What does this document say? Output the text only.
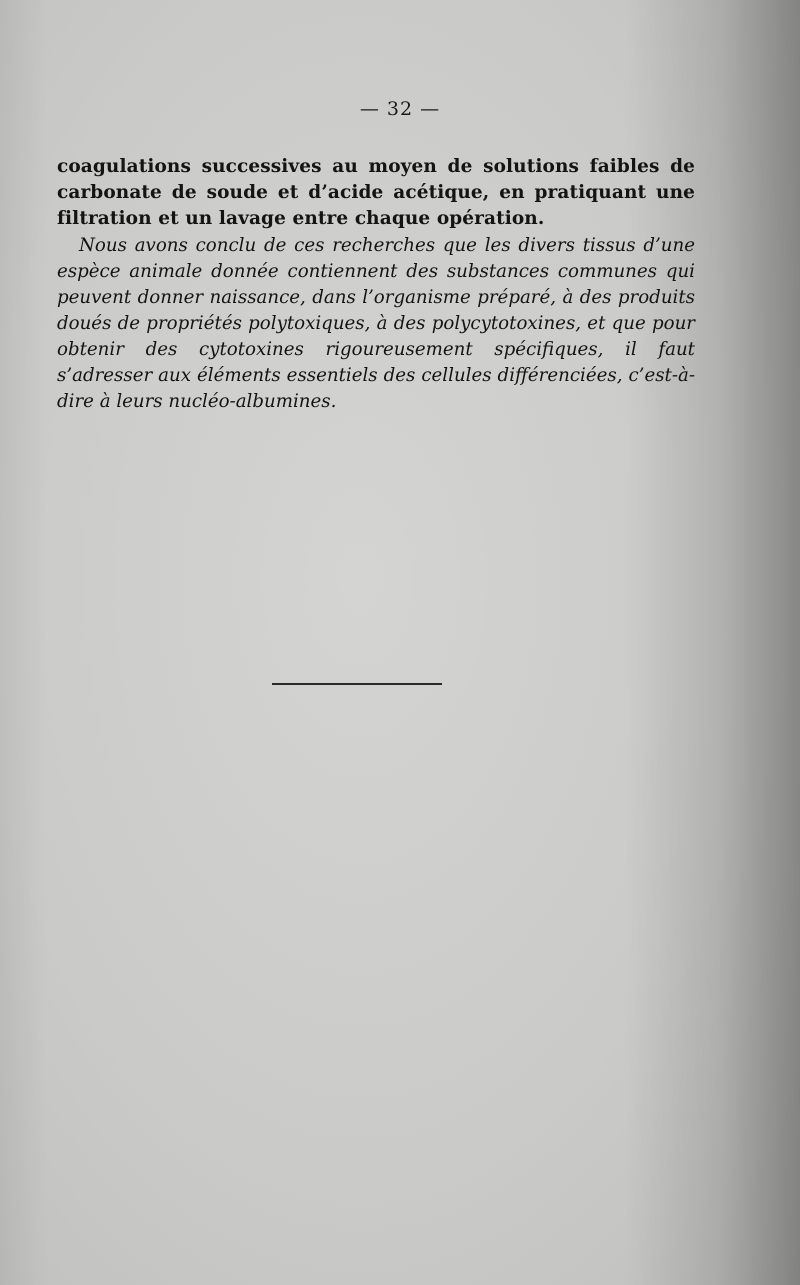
— 32 —

coagulations successives au moyen de solutions faibles de carbonate de soude et d’acide acétique, en pratiquant une filtration et un lavage entre chaque opération.

Nous avons conclu de ces recherches que les divers tissus d’une espèce animale donnée contiennent des substances communes qui peuvent donner naissance, dans l’organisme préparé, à des produits doués de propriétés polytoxiques, à des polycytotoxines, et que pour obtenir des cytotoxines rigoureusement spécifiques, il faut s’adresser aux éléments essentiels des cellules différenciées, c’est-à-dire à leurs nucléo-albumines.
